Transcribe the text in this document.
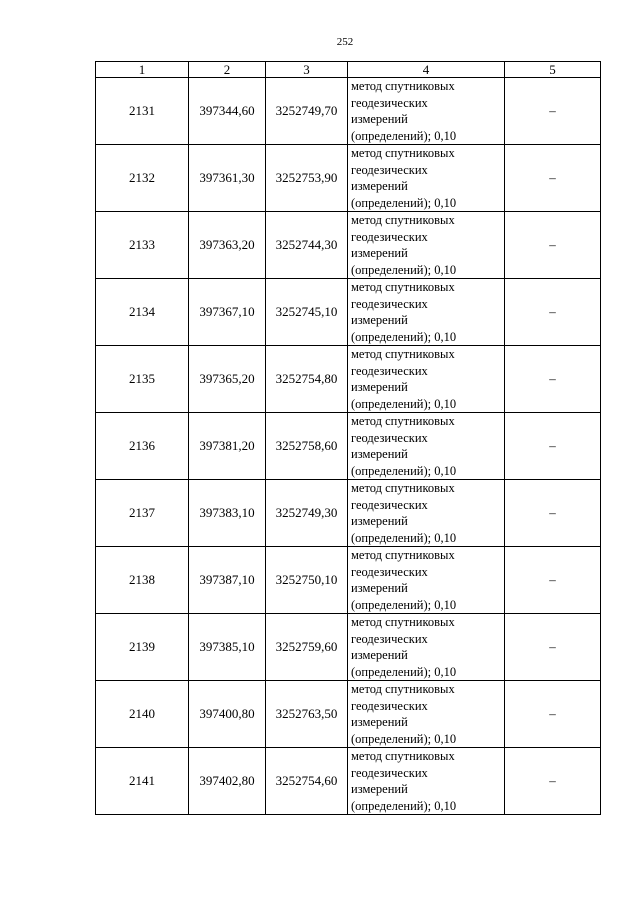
252
1	2	3	4	5
2131	397344,60	3252749,70	метод спутниковых
геодезических
измерений
(определений); 0,10	–
2132	397361,30	3252753,90	метод спутниковых
геодезических
измерений
(определений); 0,10	–
2133	397363,20	3252744,30	метод спутниковых
геодезических
измерений
(определений); 0,10	–
2134	397367,10	3252745,10	метод спутниковых
геодезических
измерений
(определений); 0,10	–
2135	397365,20	3252754,80	метод спутниковых
геодезических
измерений
(определений); 0,10	–
2136	397381,20	3252758,60	метод спутниковых
геодезических
измерений
(определений); 0,10	–
2137	397383,10	3252749,30	метод спутниковых
геодезических
измерений
(определений); 0,10	–
2138	397387,10	3252750,10	метод спутниковых
геодезических
измерений
(определений); 0,10	–
2139	397385,10	3252759,60	метод спутниковых
геодезических
измерений
(определений); 0,10	–
2140	397400,80	3252763,50	метод спутниковых
геодезических
измерений
(определений); 0,10	–
2141	397402,80	3252754,60	метод спутниковых
геодезических
измерений
(определений); 0,10	–
